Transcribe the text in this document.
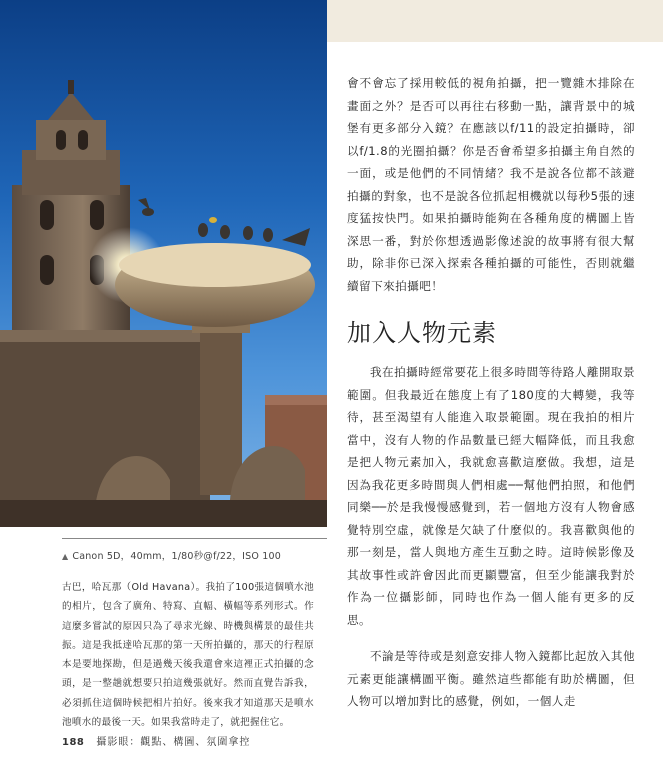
會不會忘了採用較低的視角拍攝，把一覽雜木排除在畫面之外？是否可以再往右移動一點，讓背景中的城堡有更多部分入鏡？在應該以f/11的設定拍攝時，卻以f/1.8的光圈拍攝？你是否會希望多拍攝主角自然的一面，或是他們的不同情緒？我不是說各位都不該避拍攝的對象，也不是說各位抓起相機就以每秒5張的速度猛按快門。如果拍攝時能夠在各種角度的構圖上皆深思一番，對於你想透過影像述說的故事將有很大幫助，除非你已深入探索各種拍攝的可能性，否則就繼續留下來拍攝吧！

加入人物元素

我在拍攝時經常要花上很多時間等待路人離開取景範圍。但我最近在態度上有了180度的大轉變，我等待，甚至渴望有人能進入取景範圍。現在我拍的相片當中，沒有人物的作品數量已經大幅降低，而且我愈是把人物元素加入，我就愈喜歡這麼做。我想，這是因為我花更多時間與人們相處──幫他們拍照，和他們同樂──於是我慢慢感覺到，若一個地方沒有人物會感覺特別空虛，就像是欠缺了什麼似的。我喜歡與他的那一刻是，當人與地方產生互動之時。這時候影像及其故事性或許會因此而更顯豐富，但至少能讓我對於作為一位攝影師，同時也作為一個人能有更多的反思。

不論是等待或是刻意安排人物入鏡都比起放入其他元素更能讓構圖平衡。雖然這些都能有助於構圖，但人物可以增加對比的感覺，例如，一個人走

▲ Canon 5D，40mm，1/80秒@f/22，ISO 100

古巴，哈瓦那（Old Havana）。我拍了100張這個噴水池的相片，包含了廣角、特寫、直幅、橫幅等系列形式。作這麼多嘗試的原因只為了尋求光線、時機與構景的最佳共振。這是我抵達哈瓦那的第一天所拍攝的，那天的行程原本是要地探勘，但是過幾天後我還會來這裡正式拍攝的念頭，是一整趟就想要只拍這幾張就好。然而直覺告訴我，必須抓住這個時候把相片拍好。後來我才知道那天是噴水池噴水的最後一天。如果我當時走了，就把握住它。

188 攝影眼：觀點、構圖、氛圍拿控
